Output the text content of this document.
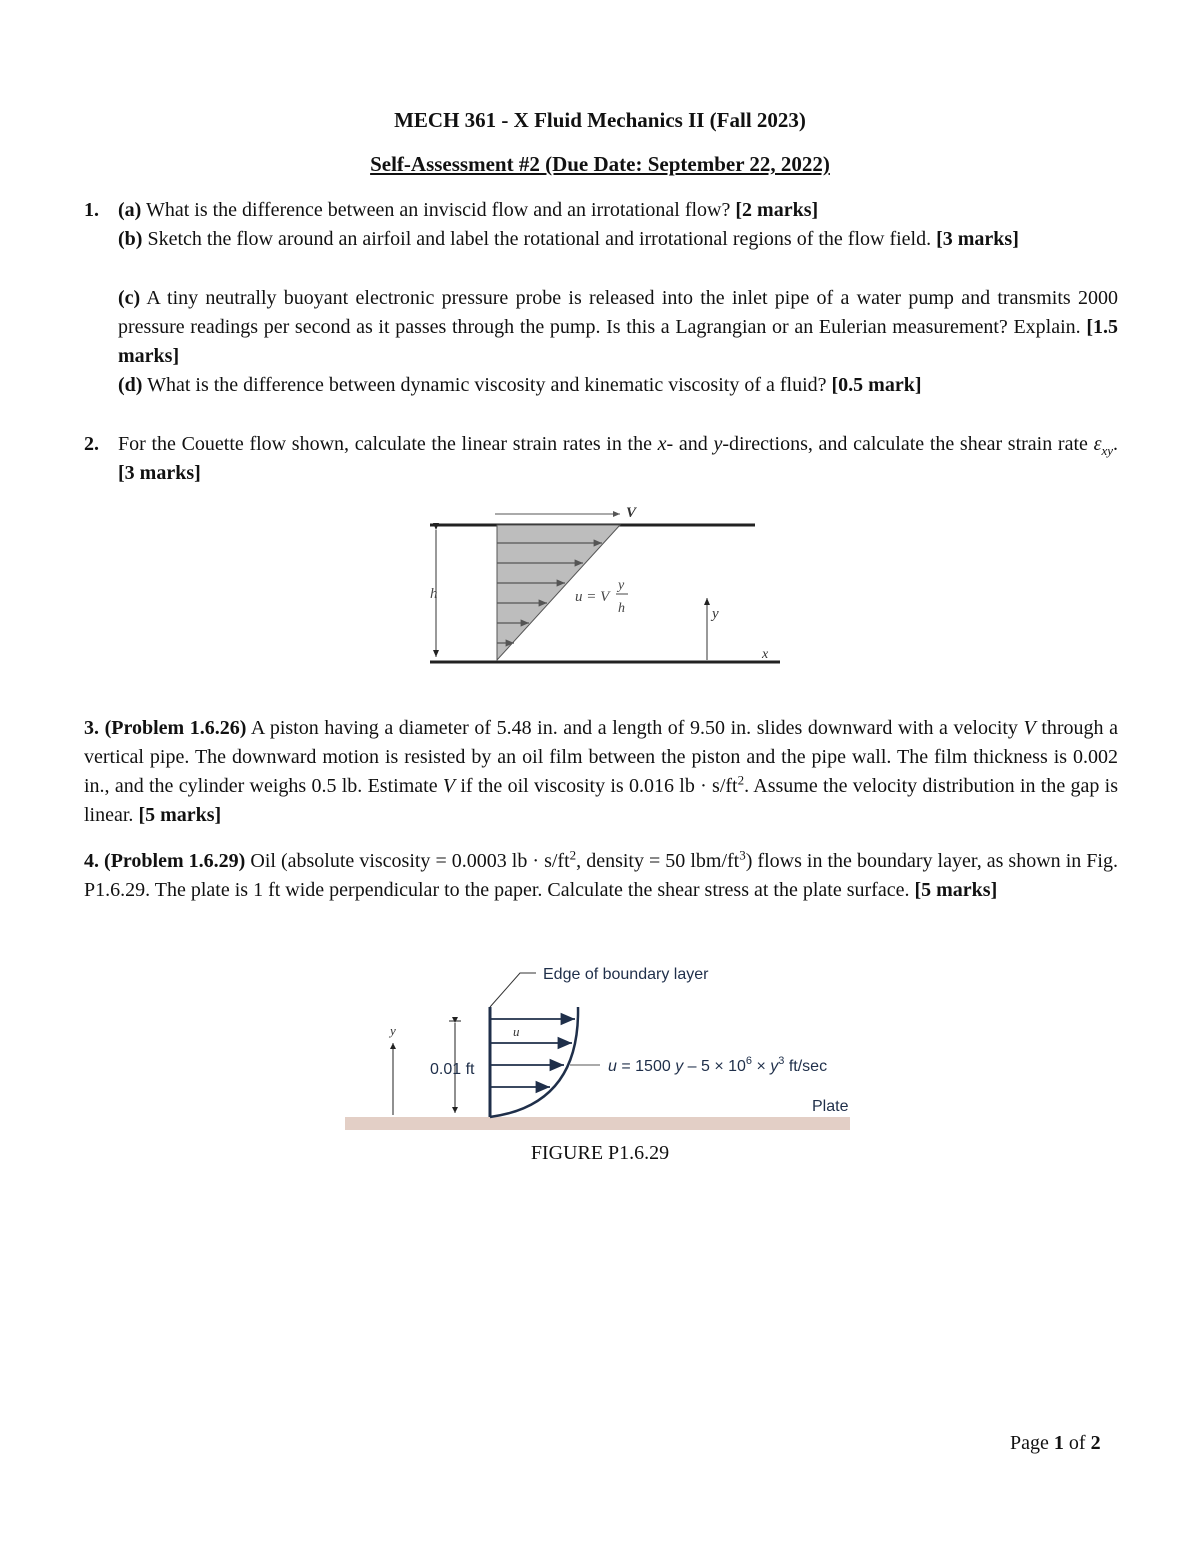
MECH 361 - X Fluid Mechanics II (Fall 2023)
Self-Assessment #2 (Due Date: September 22, 2022)
1. (a) What is the difference between an inviscid flow and an irrotational flow? [2 marks]
(b) Sketch the flow around an airfoil and label the rotational and irrotational regions of the flow field. [3 marks]
(c) A tiny neutrally buoyant electronic pressure probe is released into the inlet pipe of a water pump and transmits 2000 pressure readings per second as it passes through the pump. Is this a Lagrangian or an Eulerian measurement? Explain. [1.5 marks]
(d) What is the difference between dynamic viscosity and kinematic viscosity of a fluid? [0.5 mark]
2. For the Couette flow shown, calculate the linear strain rates in the x- and y-directions, and calculate the shear strain rate $\varepsilon_{xy}$. [3 marks]
V
h	u = V
y
h	y
x
3. (Problem 1.6.26) A piston having a diameter of 5.48 in. and a length of 9.50 in. slides downward with a velocity V through a vertical pipe. The downward motion is resisted by an oil film between the piston and the pipe wall. The film thickness is 0.002 in., and the cylinder weighs 0.5 lb. Estimate V if the oil viscosity is 0.016 lb · $s/ft^2$. Assume the velocity distribution in the gap is linear. [5 marks]
4. (Problem 1.6.29) Oil (absolute viscosity = 0.0003 lb · $s/ft^2$, density = 50 lbm/$ft^3$) flows in the boundary layer, as shown in Fig. P1.6.29. The plate is 1 ft wide perpendicular to the paper. Calculate the shear stress at the plate surface. [5 marks]
Edge of boundary layer
y
0.01 ft
u
u = 1500 $y - 5 \times 10^6 \times y^3$ ft/sec
Plate
FIGURE P1.6.29
Page 1 of 2
